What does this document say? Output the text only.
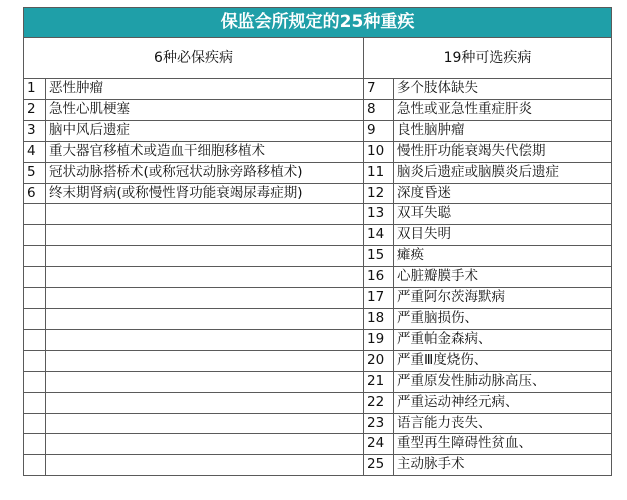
保监会所规定的25种重疾			
6种必保疾病		19种可选疾病	
1	恶性肿瘤	7	多个肢体缺失
2	急性心肌梗塞	8	急性或亚急性重症肝炎
3	脑中风后遗症	9	良性脑肿瘤
4	重大器官移植术或造血干细胞移植术	10	慢性肝功能衰竭失代偿期
5	冠状动脉搭桥术(或称冠状动脉旁路移植术)	11	脑炎后遗症或脑膜炎后遗症
6	终末期肾病(或称慢性肾功能衰竭尿毒症期)	12	深度昏迷
		13	双耳失聪
		14	双目失明
		15	瘫痪
		16	心脏瓣膜手术
		17	严重阿尔茨海默病
		18	严重脑损伤、
		19	严重帕金森病、
		20	严重Ⅲ度烧伤、
		21	严重原发性肺动脉高压、
		22	严重运动神经元病、
		23	语言能力丧失、
		24	重型再生障碍性贫血、
		25	主动脉手术
